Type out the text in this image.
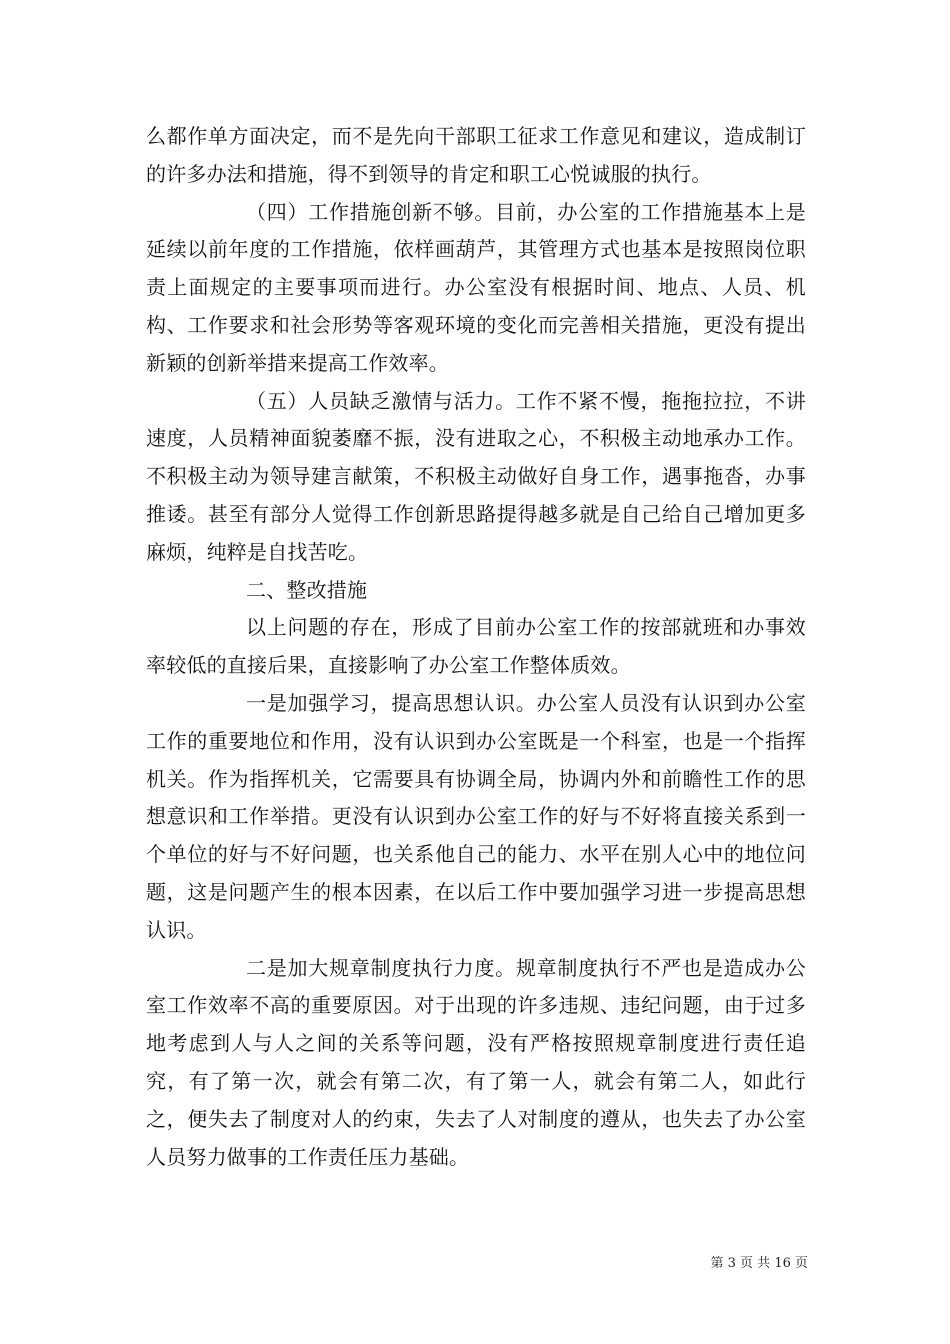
么都作单方面决定，而不是先向干部职工征求工作意见和建议，造成制订的许多办法和措施，得不到领导的肯定和职工心悦诚服的执行。

（四）工作措施创新不够。目前，办公室的工作措施基本上是延续以前年度的工作措施，依样画葫芦，其管理方式也基本是按照岗位职责上面规定的主要事项而进行。办公室没有根据时间、地点、人员、机构、工作要求和社会形势等客观环境的变化而完善相关措施，更没有提出新颖的创新举措来提高工作效率。

（五）人员缺乏激情与活力。工作不紧不慢，拖拖拉拉，不讲速度，人员精神面貌萎靡不振，没有进取之心，不积极主动地承办工作。不积极主动为领导建言献策，不积极主动做好自身工作，遇事拖沓，办事推诿。甚至有部分人觉得工作创新思路提得越多就是自己给自己增加更多麻烦，纯粹是自找苦吃。

二、整改措施

以上问题的存在，形成了目前办公室工作的按部就班和办事效率较低的直接后果，直接影响了办公室工作整体质效。

一是加强学习，提高思想认识。办公室人员没有认识到办公室工作的重要地位和作用，没有认识到办公室既是一个科室，也是一个指挥机关。作为指挥机关，它需要具有协调全局，协调内外和前瞻性工作的思想意识和工作举措。更没有认识到办公室工作的好与不好将直接关系到一个单位的好与不好问题，也关系他自己的能力、水平在别人心中的地位问题，这是问题产生的根本因素，在以后工作中要加强学习进一步提高思想认识。

二是加大规章制度执行力度。规章制度执行不严也是造成办公室工作效率不高的重要原因。对于出现的许多违规、违纪问题，由于过多地考虑到人与人之间的关系等问题，没有严格按照规章制度进行责任追究，有了第一次，就会有第二次，有了第一人，就会有第二人，如此行之，便失去了制度对人的约束，失去了人对制度的遵从，也失去了办公室人员努力做事的工作责任压力基础。

第 3 页 共 16 页
